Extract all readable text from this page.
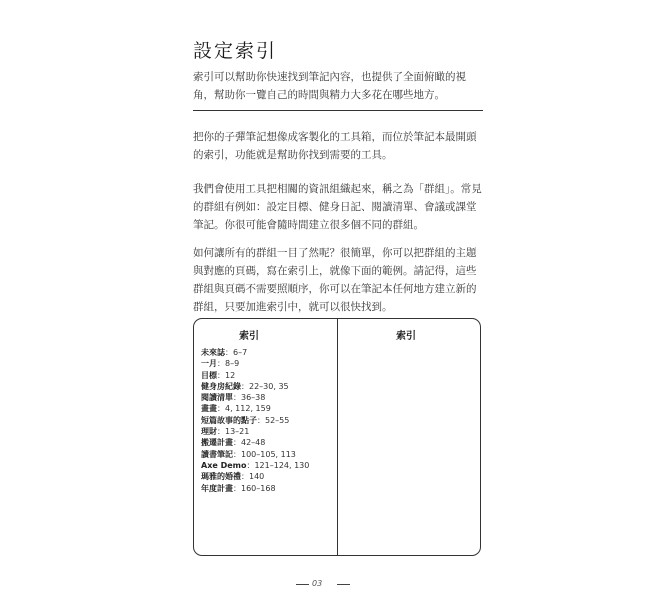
設定索引
索引可以幫助你快速找到筆記內容，也提供了全面俯瞰的視角，幫助你一覽自己的時間與精力大多花在哪些地方。

把你的子彈筆記想像成客製化的工具箱，而位於筆記本最開頭的索引，功能就是幫助你找到需要的工具。

我們會使用工具把相關的資訊組織起來，稱之為「群組」。常見的群組有例如：設定目標、健身日記、閱讀清單、會議或課堂筆記。你很可能會隨時間建立很多個不同的群組。

如何讓所有的群組一目了然呢？很簡單，你可以把群組的主題與對應的頁碼，寫在索引上，就像下面的範例。請記得，這些群組與頁碼不需要照順序，你可以在筆記本任何地方建立新的群組，只要加進索引中，就可以很快找到。

索引	索引
未來誌：6–7
一月：8–9
目標：12
健身房紀錄：22–30, 35
閱讀清單：36–38
畫畫：4, 112, 159
短篇故事的點子：52–55
理財：13–21
搬遷計畫：42–48
讀書筆記：100–105, 113
Axe Demo：121–124, 130
瑪雅的婚禮：140
年度計畫：160–168
03
